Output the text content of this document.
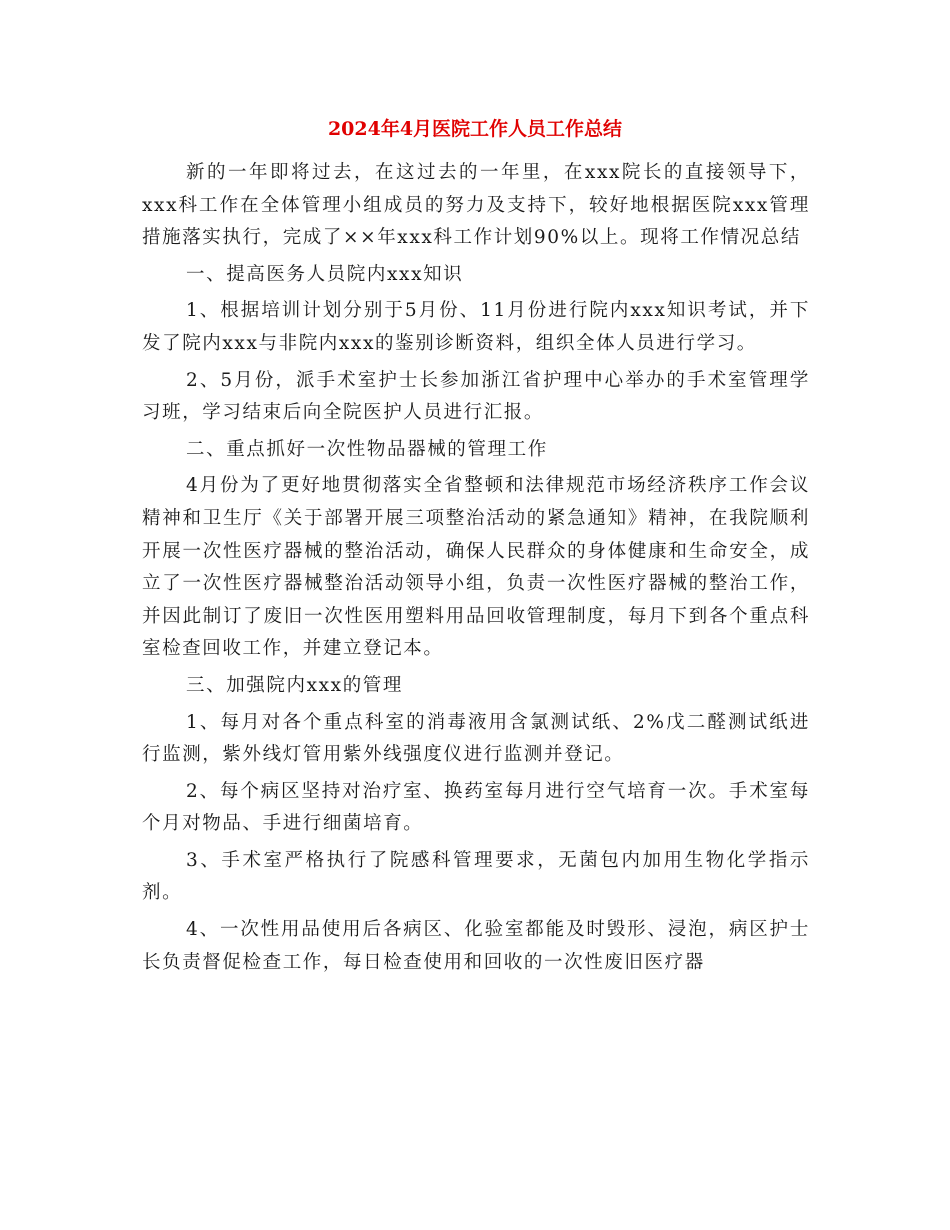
2024年4月医院工作人员工作总结

新的一年即将过去，在这过去的一年里，在xxx院长的直接领导下，xxx科工作在全体管理小组成员的努力及支持下，较好地根据医院xxx管理措施落实执行，完成了××年xxx科工作计划90%以上。现将工作情况总结

一、提高医务人员院内xxx知识

1、根据培训计划分别于5月份、11月份进行院内xxx知识考试，并下发了院内xxx与非院内xxx的鉴别诊断资料，组织全体人员进行学习。

2、5月份，派手术室护士长参加浙江省护理中心举办的手术室管理学习班，学习结束后向全院医护人员进行汇报。

二、重点抓好一次性物品器械的管理工作

4月份为了更好地贯彻落实全省整顿和法律规范市场经济秩序工作会议精神和卫生厅《关于部署开展三项整治活动的紧急通知》精神，在我院顺利开展一次性医疗器械的整治活动，确保人民群众的身体健康和生命安全，成立了一次性医疗器械整治活动领导小组，负责一次性医疗器械的整治工作，并因此制订了废旧一次性医用塑料用品回收管理制度，每月下到各个重点科室检查回收工作，并建立登记本。

三、加强院内xxx的管理

1、每月对各个重点科室的消毒液用含氯测试纸、2%戊二醛测试纸进行监测，紫外线灯管用紫外线强度仪进行监测并登记。

2、每个病区坚持对治疗室、换药室每月进行空气培育一次。手术室每个月对物品、手进行细菌培育。

3、手术室严格执行了院感科管理要求，无菌包内加用生物化学指示剂。

4、一次性用品使用后各病区、化验室都能及时毁形、浸泡，病区护士长负责督促检查工作，每日检查使用和回收的一次性废旧医疗器
